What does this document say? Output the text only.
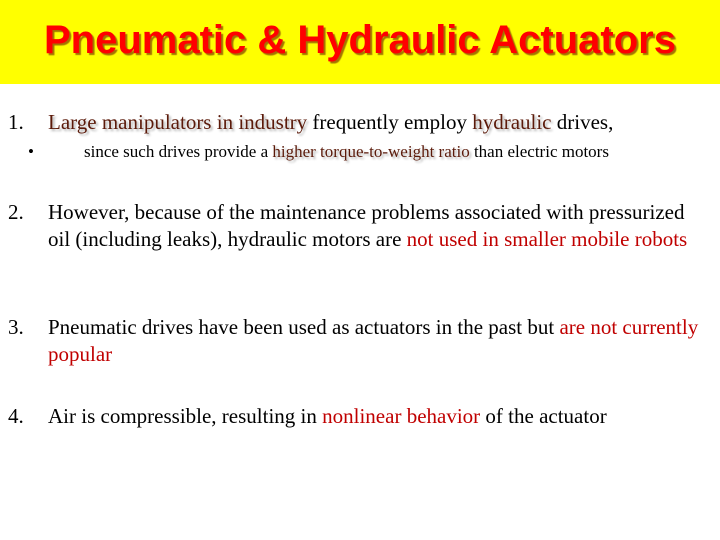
Pneumatic & Hydraulic Actuators
1. Large manipulators in industry frequently employ hydraulic drives,
•	since such drives provide a higher torque-to-weight ratio than electric motors
2. However, because of the maintenance problems associated with pressurized oil (including leaks), hydraulic motors are not used in smaller mobile robots
3. Pneumatic drives have been used as actuators in the past but are not currently popular
4. Air is compressible, resulting in nonlinear behavior of the actuator
